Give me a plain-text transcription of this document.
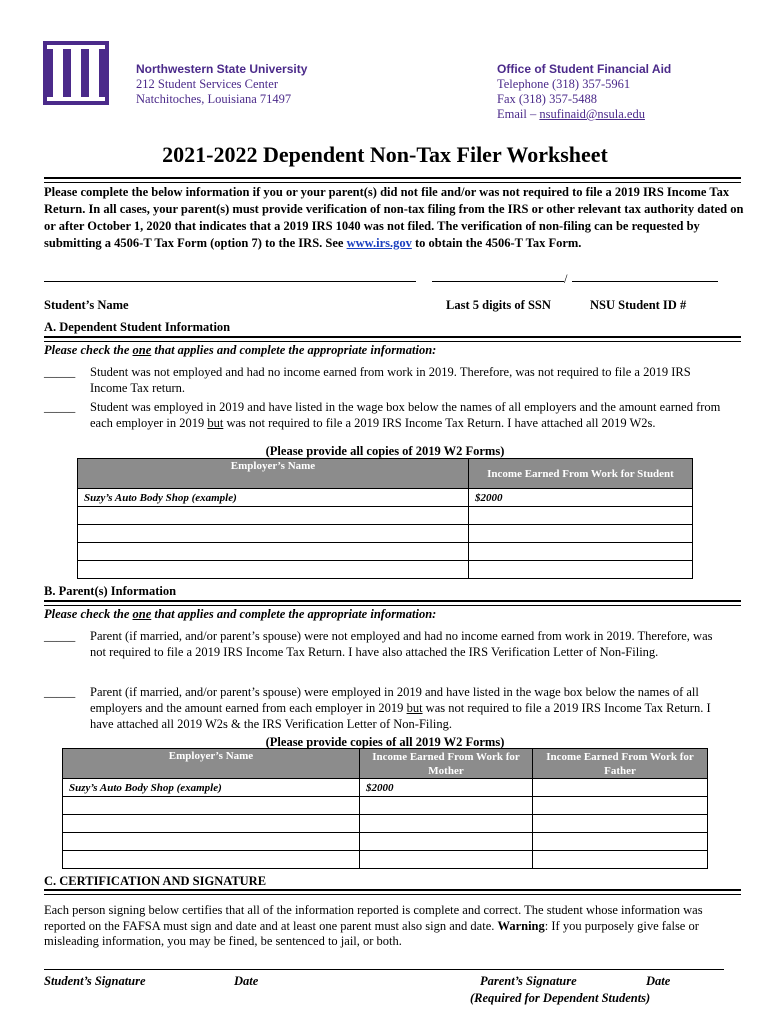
Northwestern State University
212 Student Services Center
Natchitoches, Louisiana 71497
Office of Student Financial Aid
Telephone (318) 357-5961
Fax (318) 357-5488
Email – nsufinaid@nsula.edu
2021-2022 Dependent Non-Tax Filer Worksheet
Please complete the below information if you or your parent(s) did not file and/or was not required to file a 2019 IRS Income Tax Return. In all cases, your parent(s) must provide verification of non-tax filing from the IRS or other relevant tax authority dated on or after October 1, 2020 that indicates that a 2019 IRS 1040 was not filed. The verification of non-filing can be requested by submitting a 4506-T Tax Form (option 7) to the IRS. See www.irs.gov to obtain the 4506-T Tax Form.
/
Student’s Name	Last 5 digits of SSN	NSU Student ID #
A. Dependent Student Information
Please check the one that applies and complete the appropriate information:
_____ Student was not employed and had no income earned from work in 2019. Therefore, was not required to file a 2019 IRS Income Tax return.
_____ Student was employed in 2019 and have listed in the wage box below the names of all employers and the amount earned from each employer in 2019 but was not required to file a 2019 IRS Income Tax Return. I have attached all 2019 W2s.
(Please provide all copies of 2019 W2 Forms)
Employer’s Name	Income Earned From Work for Student
Suzy’s Auto Body Shop (example)	$2000

B. Parent(s) Information
Please check the one that applies and complete the appropriate information:
_____ Parent (if married, and/or parent’s spouse) were not employed and had no income earned from work in 2019. Therefore, was not required to file a 2019 IRS Income Tax Return. I have also attached the IRS Verification Letter of Non-Filing.
_____ Parent (if married, and/or parent’s spouse) were employed in 2019 and have listed in the wage box below the names of all employers and the amount earned from each employer in 2019 but was not required to file a 2019 IRS Income Tax Return. I have attached all 2019 W2s & the IRS Verification Letter of Non-Filing.
(Please provide copies of all 2019 W2 Forms)
Employer’s Name	Income Earned From Work for Mother	Income Earned From Work for Father
Suzy’s Auto Body Shop (example)	$2000	

C. CERTIFICATION AND SIGNATURE
Each person signing below certifies that all of the information reported is complete and correct. The student whose information was reported on the FAFSA must sign and date and at least one parent must also sign and date. Warning: If you purposely give false or misleading information, you may be fined, be sentenced to jail, or both.
Student’s Signature	Date	Parent’s Signature	Date
(Required for Dependent Students)
